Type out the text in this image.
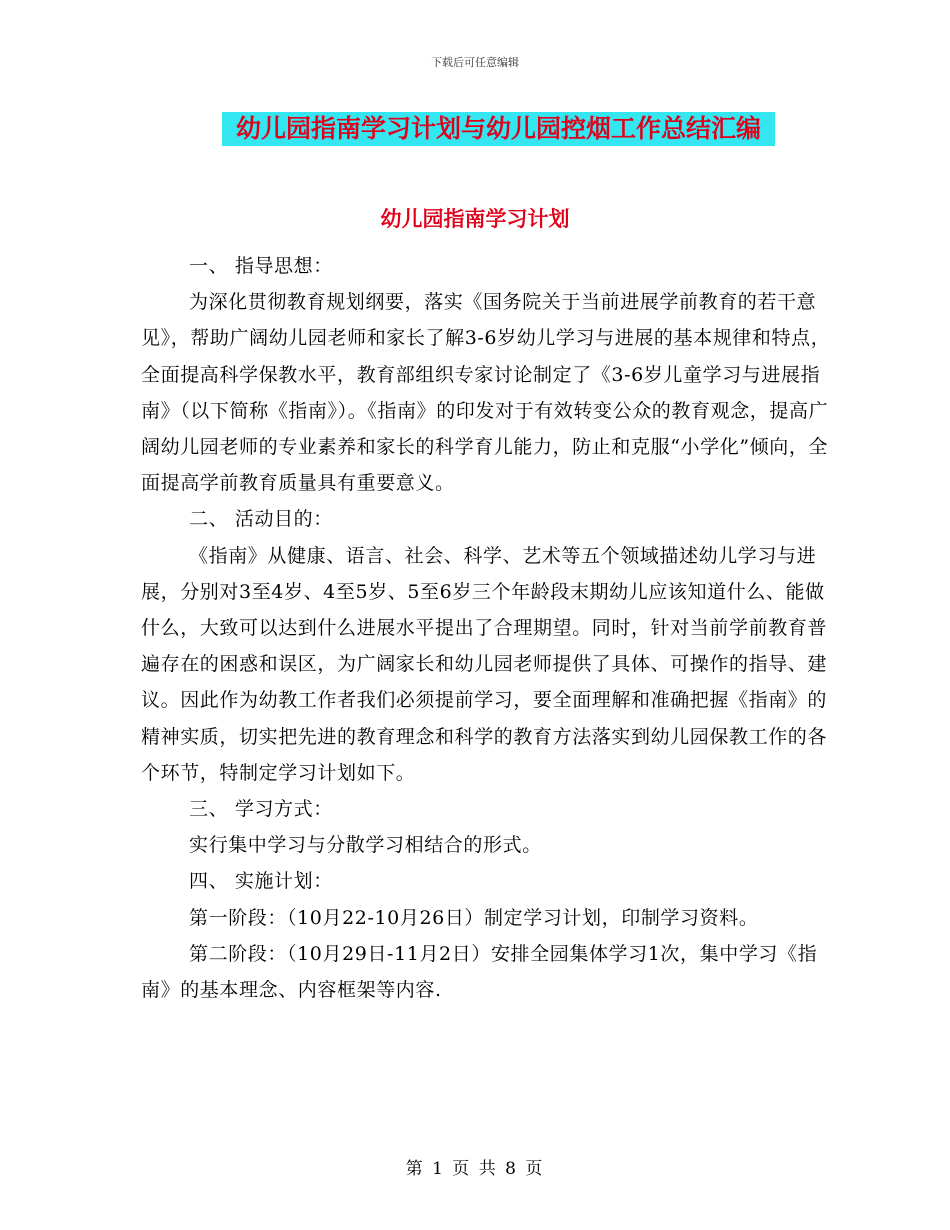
下载后可任意编辑
幼儿园指南学习计划与幼儿园控烟工作总结汇编
幼儿园指南学习计划

一、 指导思想：

为深化贯彻教育规划纲要，落实《国务院关于当前进展学前教育的若干意见》，帮助广阔幼儿园老师和家长了解3-6岁幼儿学习与进展的基本规律和特点，全面提高科学保教水平，教育部组织专家讨论制定了《3-6岁儿童学习与进展指南》（以下简称《指南》）。《指南》的印发对于有效转变公众的教育观念，提高广阔幼儿园老师的专业素养和家长的科学育儿能力，防止和克服“小学化”倾向，全面提高学前教育质量具有重要意义。

二、 活动目的：

《指南》从健康、语言、社会、科学、艺术等五个领域描述幼儿学习与进展，分别对3至4岁、4至5岁、5至6岁三个年龄段末期幼儿应该知道什么、能做什么，大致可以达到什么进展水平提出了合理期望。同时，针对当前学前教育普遍存在的困惑和误区，为广阔家长和幼儿园老师提供了具体、可操作的指导、建议。因此作为幼教工作者我们必须提前学习，要全面理解和准确把握《指南》的精神实质，切实把先进的教育理念和科学的教育方法落实到幼儿园保教工作的各个环节，特制定学习计划如下。

三、 学习方式：

实行集中学习与分散学习相结合的形式。

四、 实施计划：

第一阶段：（10月22-10月26日）制定学习计划，印制学习资料。

第二阶段：（10月29日-11月2日）安排全园集体学习1次，集中学习《指南》的基本理念、内容框架等内容.

第 1 页 共 8 页
